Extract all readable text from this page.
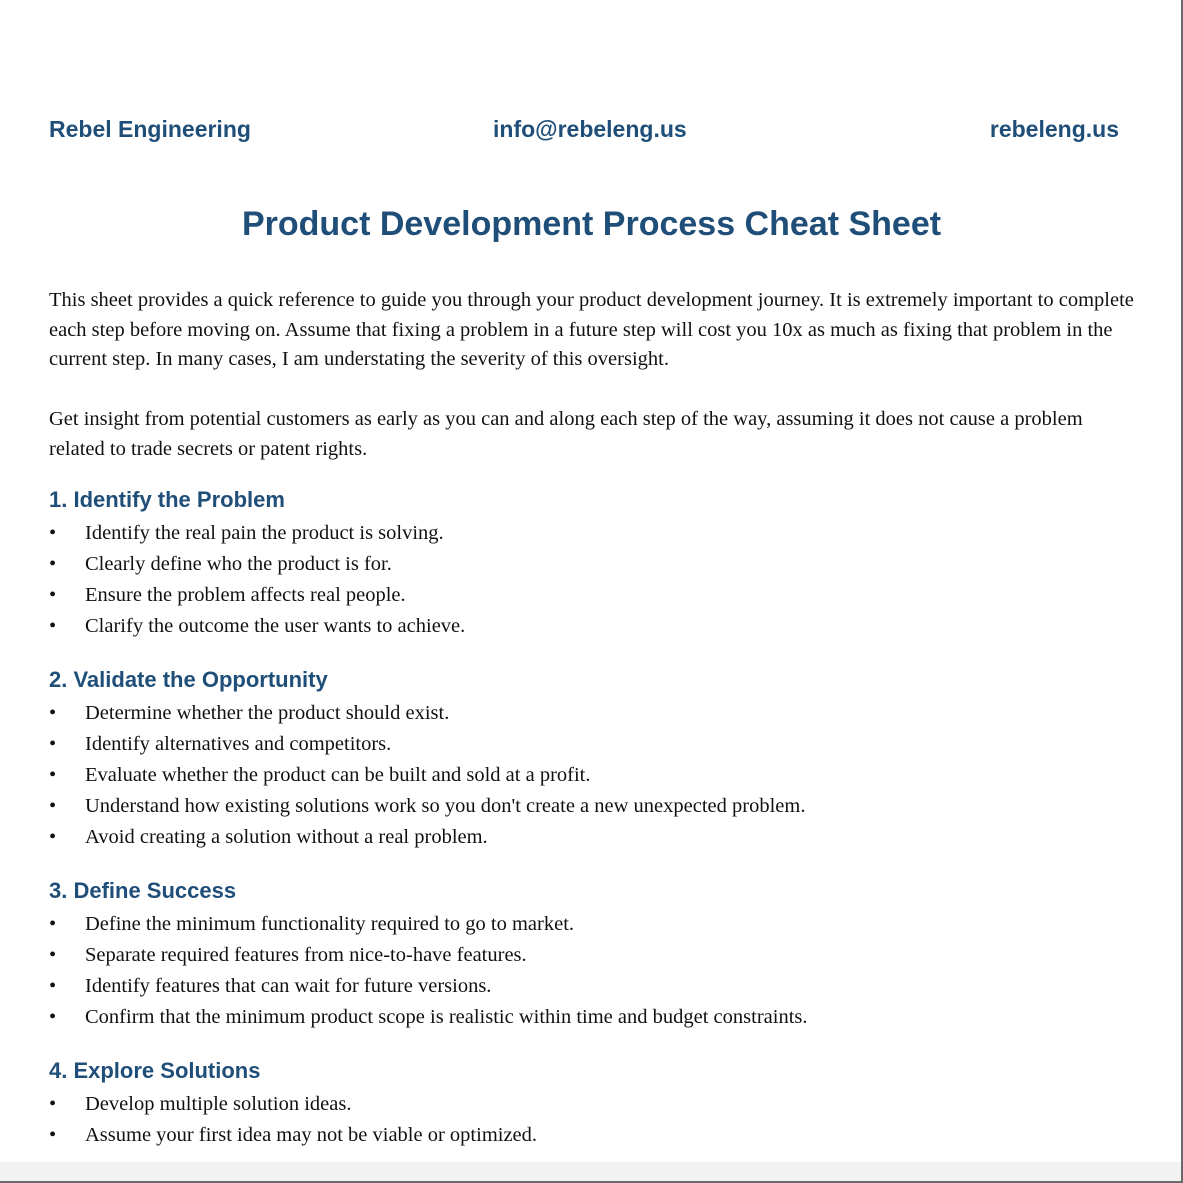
Rebel Engineering	info@rebeleng.us	rebeleng.us
Product Development Process Cheat Sheet

This sheet provides a quick reference to guide you through your product development journey. It is extremely important to complete each step before moving on. Assume that fixing a problem in a future step will cost you 10x as much as fixing that problem in the current step. In many cases, I am understating the severity of this oversight.

Get insight from potential customers as early as you can and along each step of the way, assuming it does not cause a problem related to trade secrets or patent rights.

1. Identify the Problem
• Identify the real pain the product is solving.
• Clearly define who the product is for.
• Ensure the problem affects real people.
• Clarify the outcome the user wants to achieve.
2. Validate the Opportunity
• Determine whether the product should exist.
• Identify alternatives and competitors.
• Evaluate whether the product can be built and sold at a profit.
• Understand how existing solutions work so you don't create a new unexpected problem.
• Avoid creating a solution without a real problem.
3. Define Success
• Define the minimum functionality required to go to market.
• Separate required features from nice-to-have features.
• Identify features that can wait for future versions.
• Confirm that the minimum product scope is realistic within time and budget constraints.
4. Explore Solutions
• Develop multiple solution ideas.
• Assume your first idea may not be viable or optimized.
